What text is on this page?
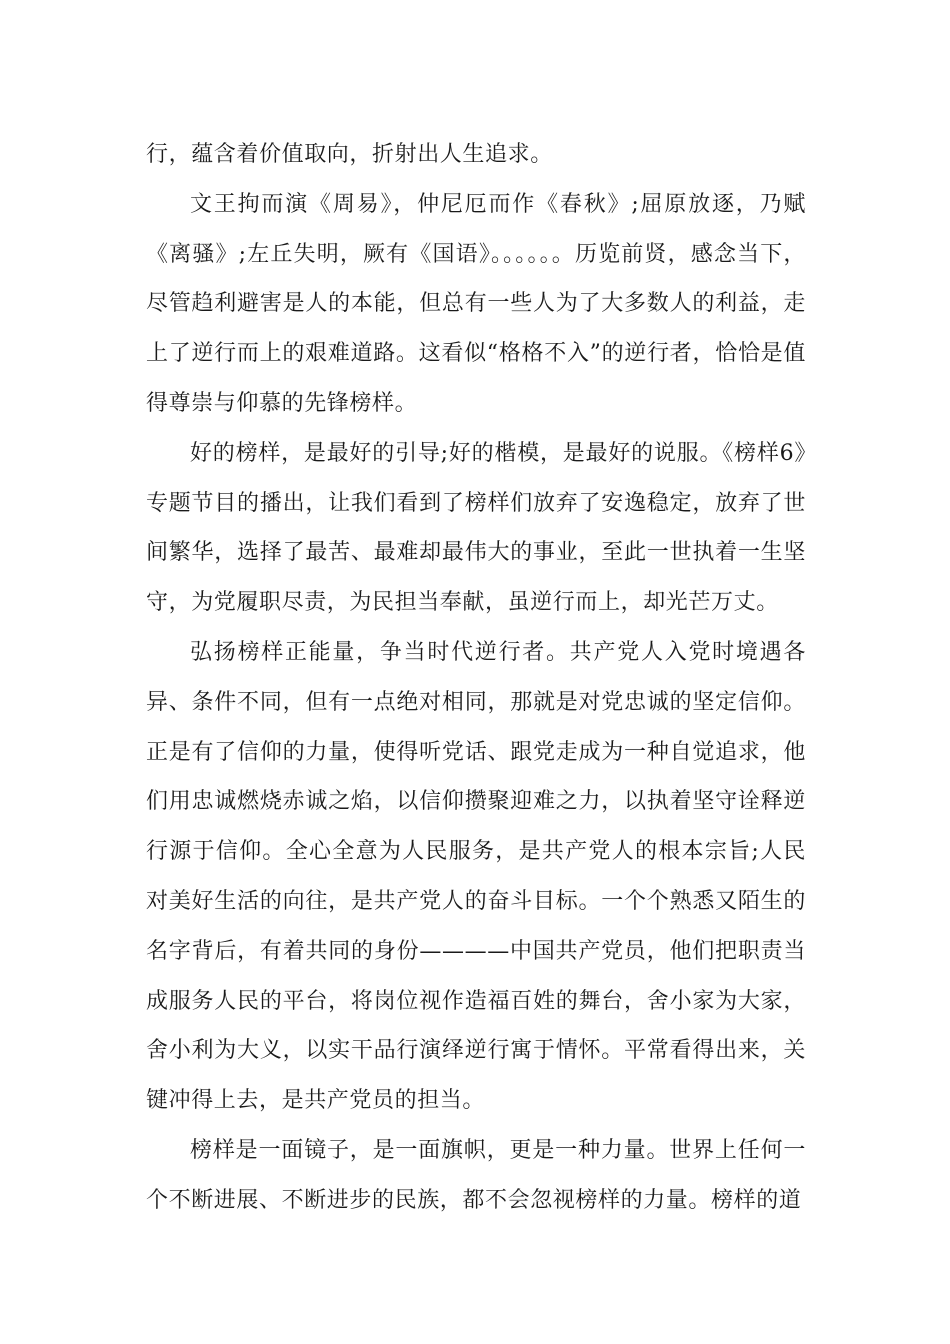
行，蕴含着价值取向，折射出人生追求。

文王拘而演《周易》，仲尼厄而作《春秋》;屈原放逐，乃赋《离骚》;左丘失明，厥有《国语》。。。。。。历览前贤，感念当下，尽管趋利避害是人的本能，但总有一些人为了大多数人的利益，走上了逆行而上的艰难道路。这看似“格格不入”的逆行者，恰恰是值得尊崇与仰慕的先锋榜样。

好的榜样，是最好的引导;好的楷模，是最好的说服。《榜样6》专题节目的播出，让我们看到了榜样们放弃了安逸稳定，放弃了世间繁华，选择了最苦、最难却最伟大的事业，至此一世执着一生坚守，为党履职尽责，为民担当奉献，虽逆行而上，却光芒万丈。

弘扬榜样正能量，争当时代逆行者。共产党人入党时境遇各异、条件不同，但有一点绝对相同，那就是对党忠诚的坚定信仰。正是有了信仰的力量，使得听党话、跟党走成为一种自觉追求，他们用忠诚燃烧赤诚之焰，以信仰攒聚迎难之力，以执着坚守诠释逆行源于信仰。全心全意为人民服务，是共产党人的根本宗旨;人民对美好生活的向往，是共产党人的奋斗目标。一个个熟悉又陌生的名字背后，有着共同的身份————中国共产党员，他们把职责当成服务人民的平台，将岗位视作造福百姓的舞台，舍小家为大家，舍小利为大义，以实干品行演绎逆行寓于情怀。平常看得出来，关键冲得上去，是共产党员的担当。

榜样是一面镜子，是一面旗帜，更是一种力量。世界上任何一个不断进展、不断进步的民族，都不会忽视榜样的力量。榜样的道
